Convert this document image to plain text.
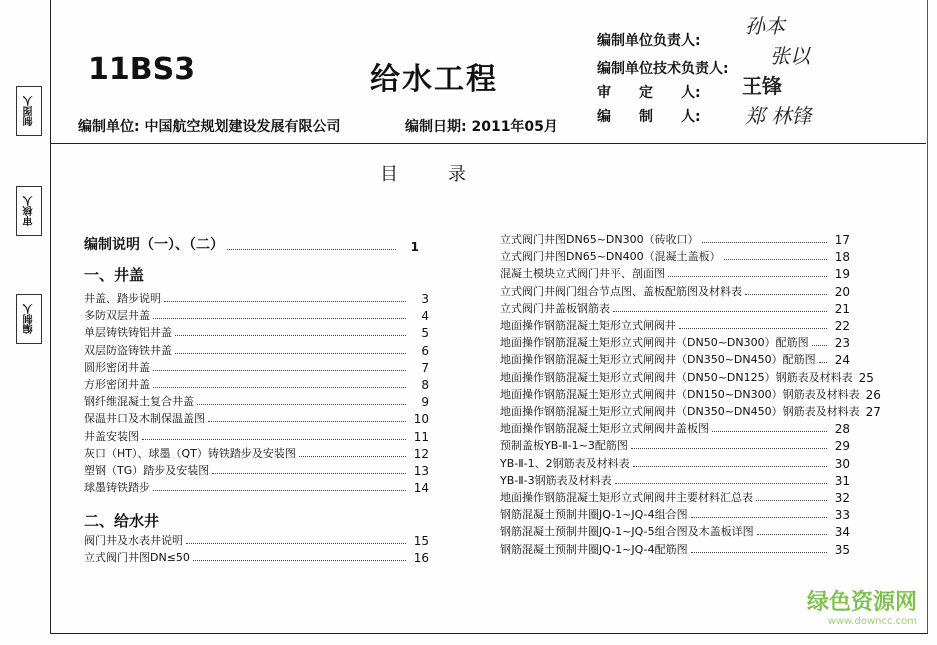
11BS3	给水工程
编制单位: 中国航空规划建设发展有限公司	编制日期: 2011年05月
编制单位负责人:
编制单位技术负责人:
审　　定　　人:
编　　制　　人:
孙本
张以
王锋
郑 林锋
制图人
审核人
编制人
目录
编制说明（一）、（二）	1
一、井盖
井盖、踏步说明	3
多防双层井盖	4
单层铸铁铸铝井盖	5
双层防盗铸铁井盖	6
圆形密闭井盖	7
方形密闭井盖	8
钢纤维混凝土复合井盖	9
保温井口及木制保温盖图	10
井盖安装图	11
灰口（HT）、球墨（QT）铸铁踏步及安装图	12
塑钢（TG）踏步及安装图	13
球墨铸铁踏步	14
二、给水井
阀门井及水表井说明	15
立式阀门井图DN≤50	16
立式阀门井图DN65~DN300（砖收口）	17
立式阀门井图DN65~DN400（混凝土盖板）	18
混凝土模块立式阀门井平、剖面图	19
立式阀门井阀门组合节点图、盖板配筋图及材料表	20
立式阀门井盖板钢筋表	21
地面操作钢筋混凝土矩形立式闸阀井	22
地面操作钢筋混凝土矩形立式闸阀井（DN50~DN300）配筋图	23
地面操作钢筋混凝土矩形立式闸阀井（DN350~DN450）配筋图	24
地面操作钢筋混凝土矩形立式闸阀井（DN50~DN125）钢筋表及材料表 25
地面操作钢筋混凝土矩形立式闸阀井（DN150~DN300）钢筋表及材料表 26
地面操作钢筋混凝土矩形立式闸阀井（DN350~DN450）钢筋表及材料表 27
地面操作钢筋混凝土矩形立式闸阀井盖板图	28
预制盖板YB-Ⅱ-1~3配筋图	29
YB-Ⅱ-1、2钢筋表及材料表	30
YB-Ⅱ-3钢筋表及材料表	31
地面操作钢筋混凝土矩形立式闸阀井主要材料汇总表	32
钢筋混凝土预制井圈JQ-1~JQ-4组合图	33
钢筋混凝土预制井圈JQ-1~JQ-5组合图及木盖板详图	34
钢筋混凝土预制井圈JQ-1~JQ-4配筋图	35
绿色资源网
www.downcc.com
